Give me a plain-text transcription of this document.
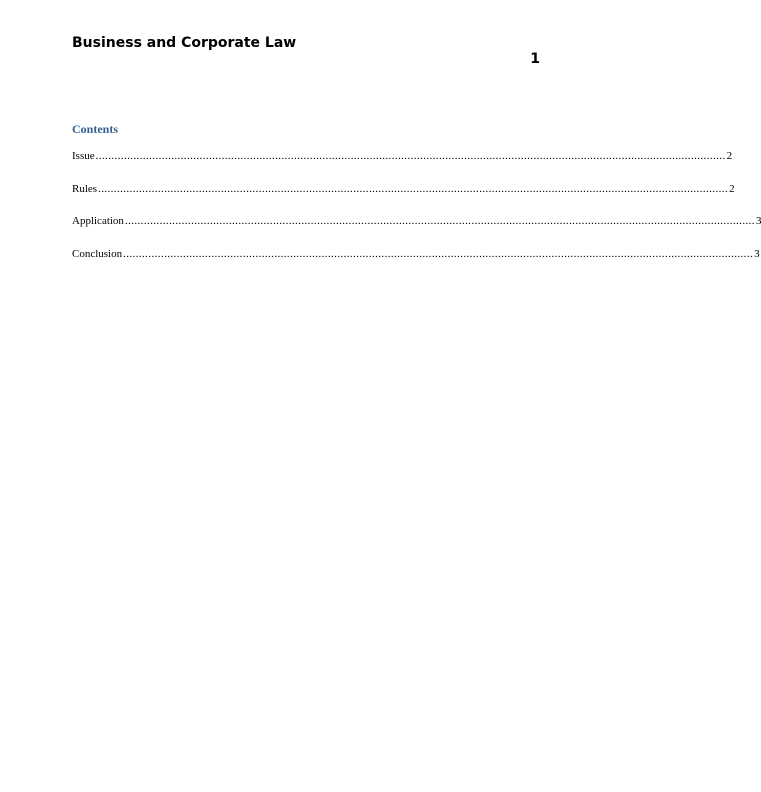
Business and Corporate Law
1
Contents
Issue ........................................................................................................................................................................................................ 2
Rules ........................................................................................................................................................................................................ 2
Application ........................................................................................................................................................................................................ 3
Conclusion ........................................................................................................................................................................................................ 3
